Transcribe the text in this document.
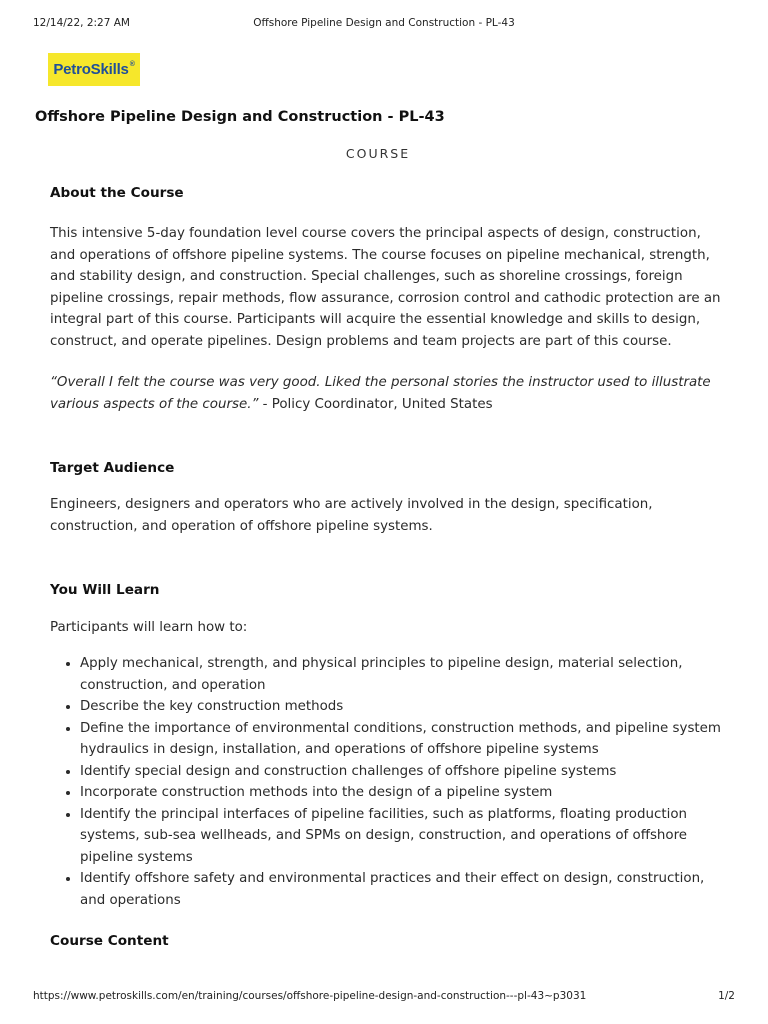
12/14/22, 2:27 AM	Offshore Pipeline Design and Construction - PL-43
PetroSkills®
Offshore Pipeline Design and Construction - PL-43
COURSE
About the Course
This intensive 5-day foundation level course covers the principal aspects of design, construction, and operations of offshore pipeline systems. The course focuses on pipeline mechanical, strength, and stability design, and construction. Special challenges, such as shoreline crossings, foreign pipeline crossings, repair methods, flow assurance, corrosion control and cathodic protection are an integral part of this course. Participants will acquire the essential knowledge and skills to design, construct, and operate pipelines. Design problems and team projects are part of this course.
“Overall I felt the course was very good. Liked the personal stories the instructor used to illustrate various aspects of the course.” - Policy Coordinator, United States
Target Audience
Engineers, designers and operators who are actively involved in the design, specification, construction, and operation of offshore pipeline systems.
You Will Learn
Participants will learn how to:
• Apply mechanical, strength, and physical principles to pipeline design, material selection, construction, and operation
• Describe the key construction methods
• Define the importance of environmental conditions, construction methods, and pipeline system hydraulics in design, installation, and operations of offshore pipeline systems
• Identify special design and construction challenges of offshore pipeline systems
• Incorporate construction methods into the design of a pipeline system
• Identify the principal interfaces of pipeline facilities, such as platforms, floating production systems, sub-sea wellheads, and SPMs on design, construction, and operations of offshore pipeline systems
• Identify offshore safety and environmental practices and their effect on design, construction, and operations
Course Content
https://www.petroskills.com/en/training/courses/offshore-pipeline-design-and-construction---pl-43~p3031	1/2
